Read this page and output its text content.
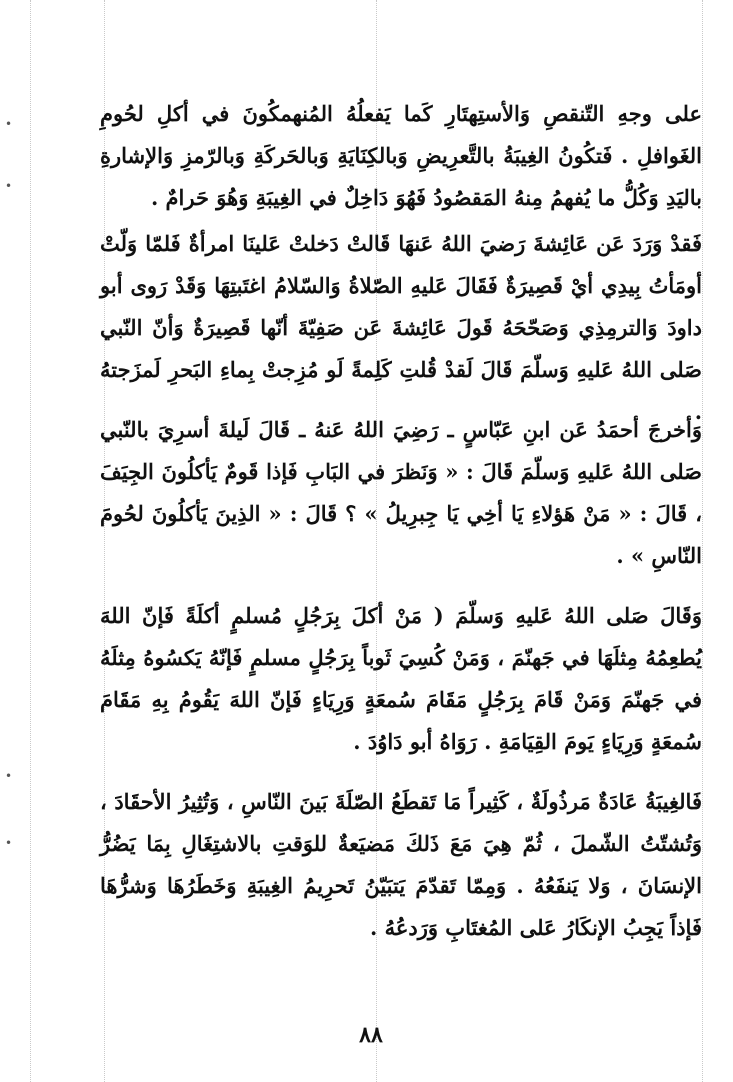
•
•
•
•

على وجهِ التّنقصِ وَالأستِهتَارِ كَما يَفعلُهُ المُنهمكُونَ في أكلِ لحُومِ الغَوافلِ . فَتكُونُ الغِيبَةُ بالتَّعرِيضِ وَبالكِنَايَةِ وَبالحَركَةِ وَبالرّمزِ وَالإشارةِ باليَدِ وَكُلُّ ما يُفهمُ مِنهُ المَقصُودُ فَهُوَ دَاخِلٌ في الغِيبَةِ وَهُوَ حَرامٌ .

فَقدْ وَرَدَ عَن عَائِشةَ رَضيَ اللهُ عَنهَا قَالتْ دَخلتْ عَلينَا امرأةٌ فَلمّا وَلّتْ أومَأتُ بِيدِي أيْ قَصِيرَةٌ فَقَالَ عَليهِ الصّلاةُ وَالسّلامُ اغتَبتِهَا وَقَدْ رَوى أبو داودَ وَالترمِذِي وَصَحّحَهُ قَولَ عَائِشةَ عَن صَفِيّةَ أنّها قَصِيرَةٌ وَأنّ النّبي صَلى اللهُ عَليهِ وَسلّمَ قَالَ لَقدْ قُلتِ كَلِمةً لَو مُزِجتْ بِماءِ البَحرِ لَمزَجتهُ .

وَأخرجَ أحمَدُ عَن ابنِ عَبّاسٍ ـ رَضِيَ اللهُ عَنهُ ـ قَالَ لَيلةَ أسرِيَ بالنّبي صَلى اللهُ عَليهِ وَسلّمَ قَالَ : « وَنَظرَ في البَابِ فَإذا قَومٌ يَأكلُونَ الجِيَفَ ، قَالَ : « مَنْ هَؤلاءِ يَا أخِي يَا جِبرِيلُ » ؟ قَالَ : « الذِينَ يَأكلُونَ لحُومَ النّاسِ » .

وَقَالَ صَلى اللهُ عَليهِ وَسلّمَ ( مَنْ أكلَ بِرَجُلٍ مُسلمٍ أكلَةً فَإنّ اللهَ يُطعِمُهُ مِثلَهَا في جَهنّمَ ، وَمَنْ كُسِيَ ثَوباً بِرَجُلٍ مسلمٍ فَإنّهُ يَكسُوهُ مِثلَهُ في جَهنّمَ وَمَنْ قَامَ بِرَجُلٍ مَقَامَ سُمعَةٍ وَرِيَاءٍ فَإنّ اللهَ يَقُومُ بِهِ مَقَامَ سُمعَةٍ وَرِيَاءٍ يَومَ القِيَامَةِ . رَوَاهُ أبو دَاوُدَ .

فَالغِيبَةُ عَادَةٌ مَرذُولَةٌ ، كَثِيراً مَا تَقطَعُ الصّلَةَ بَينَ النّاسِ ، وَتُثِيرُ الأحقَادَ ، وَتُشتّتُ الشّملَ ، ثُمّ هِيَ مَعَ ذَلكَ مَضيَعةٌ للوَقتِ بالاشتِغَالِ بِمَا يَضُرُّ الإنسَانَ ، وَلا يَنفَعُهُ . وَمِمّا تَقدّمَ يَتبَيّنُ تَحرِيمُ الغِيبَةِ وَخَطَرُهَا وَشرُّهَا فَإذاً يَجِبُ الإنكَارُ عَلى المُغتَابِ وَرَدعُهُ .

٨٨
